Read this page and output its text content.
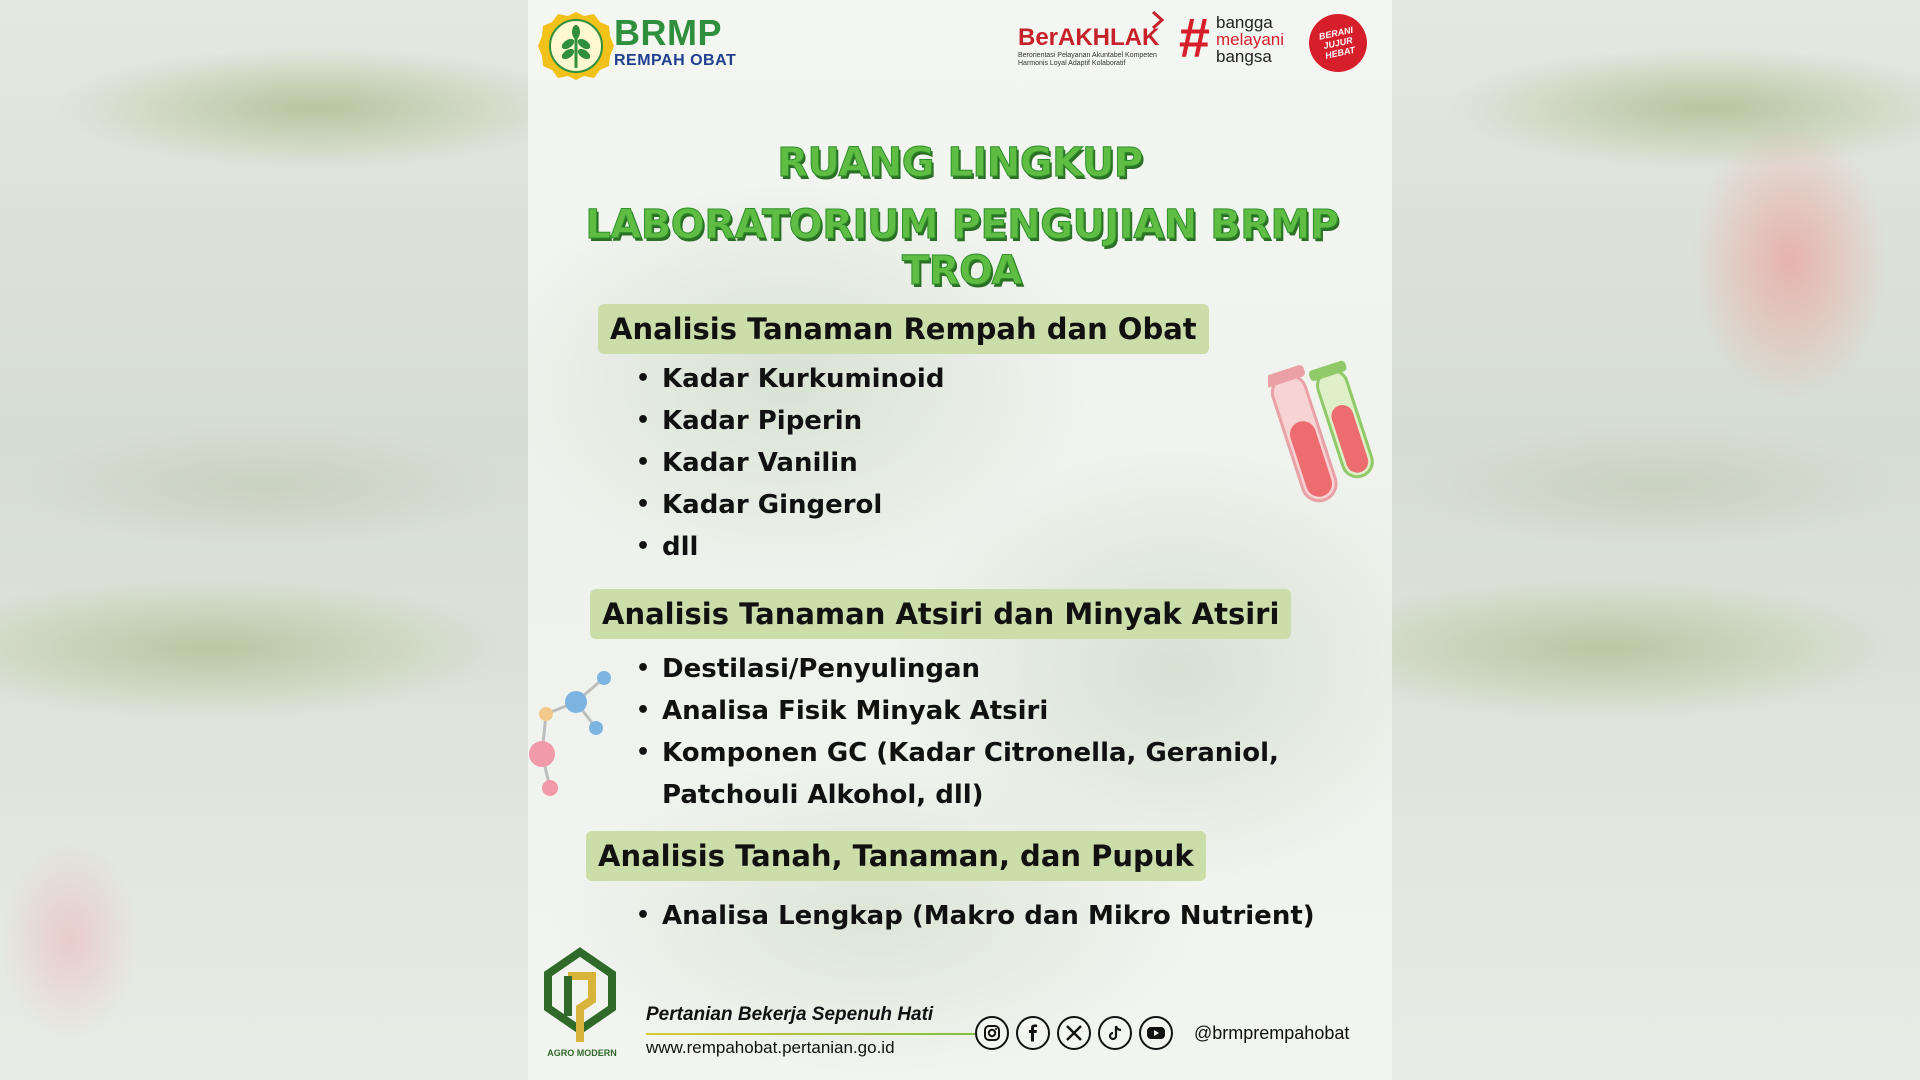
BRMP
REMPAH OBAT
BerAKHLAK
Berorientasi Pelayanan Akuntabel Kompeten Harmonis Loyal Adaptif Kolaboratif # bangga
melayani
bangsa
BERANI JUJUR HEBAT
RUANG LINGKUP
LABORATORIUM PENGUJIAN BRMP TROA
Analisis Tanaman Rempah dan Obat
• Kadar Kurkuminoid
• Kadar Piperin
• Kadar Vanilin
• Kadar Gingerol
• dll
Analisis Tanaman Atsiri dan Minyak Atsiri
• Destilasi/Penyulingan
• Analisa Fisik Minyak Atsiri
• Komponen GC (Kadar Citronella, Geraniol,
Patchouli Alkohol, dll)
Analisis Tanah, Tanaman, dan Pupuk
• Analisa Lengkap (Makro dan Mikro Nutrient)
AGRO MODERN
Pertanian Bekerja Sepenuh Hati
www.rempahobat.pertanian.go.id
@brmprempahobat
